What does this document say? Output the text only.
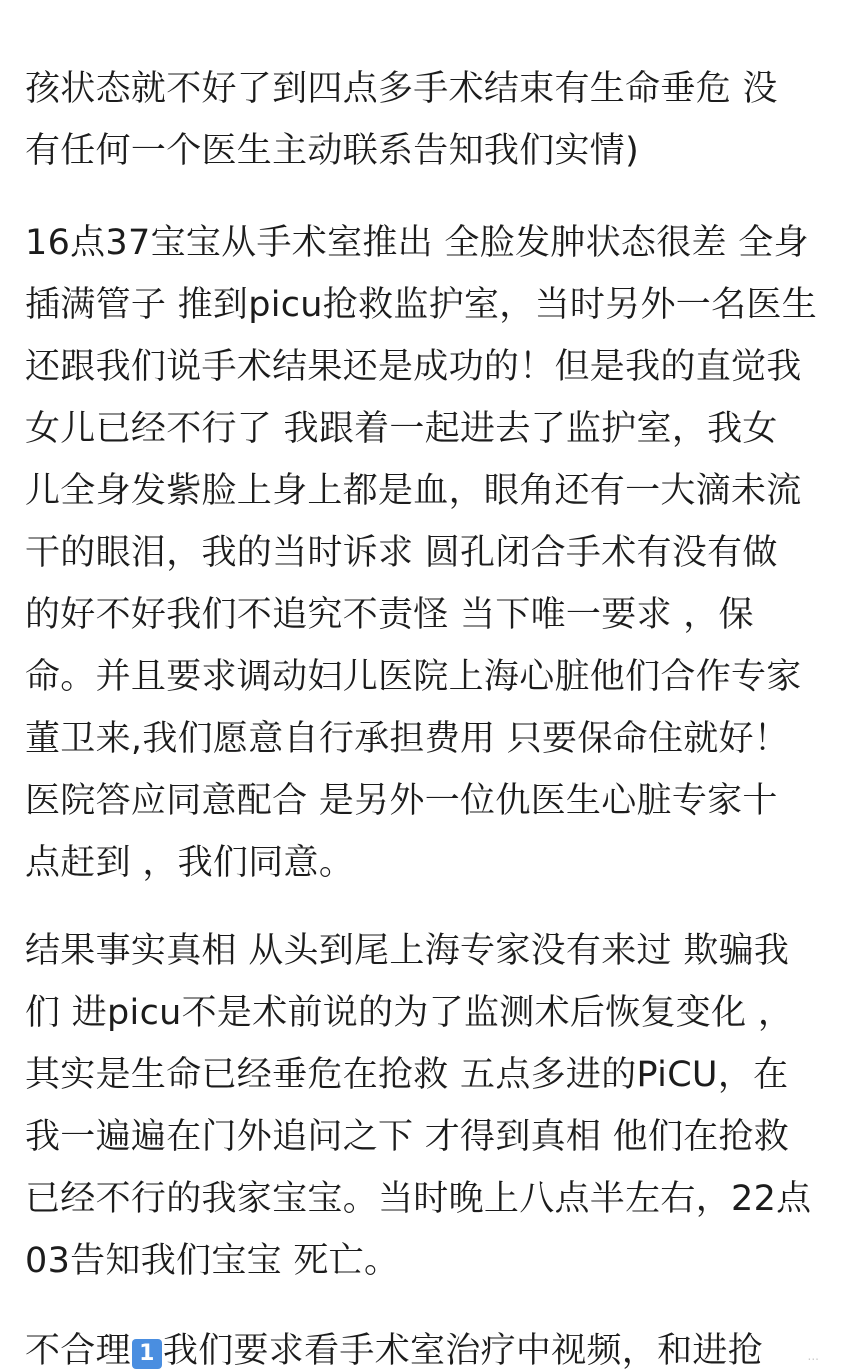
孩状态就不好了到四点多手术结束有生命垂危 没
有任何一个医生主动联系告知我们实情)
16点37宝宝从手术室推出 全脸发肿状态很差 全身
插满管子 推到picu抢救监护室，当时另外一名医生
还跟我们说手术结果还是成功的！但是我的直觉我
女儿已经不行了 我跟着一起进去了监护室，我女
儿全身发紫脸上身上都是血，眼角还有一大滴未流
干的眼泪，我的当时诉求 圆孔闭合手术有没有做
的好不好我们不追究不责怪 当下唯一要求 ，保
命。并且要求调动妇儿医院上海心脏他们合作专家
董卫来,我们愿意自行承担费用 只要保命住就好！
医院答应同意配合 是另外一位仇医生心脏专家十
点赶到 ，我们同意。
结果事实真相 从头到尾上海专家没有来过 欺骗我
们 进picu不是术前说的为了监测术后恢复变化 ，
其实是生命已经垂危在抢救 五点多进的PiCU，在
我一遍遍在门外追问之下 才得到真相 他们在抢救
已经不行的我家宝宝。当时晚上八点半左右，22点
03告知我们宝宝 死亡。
不合理 1 我们要求看手术室治疗中视频，和进抢	...
